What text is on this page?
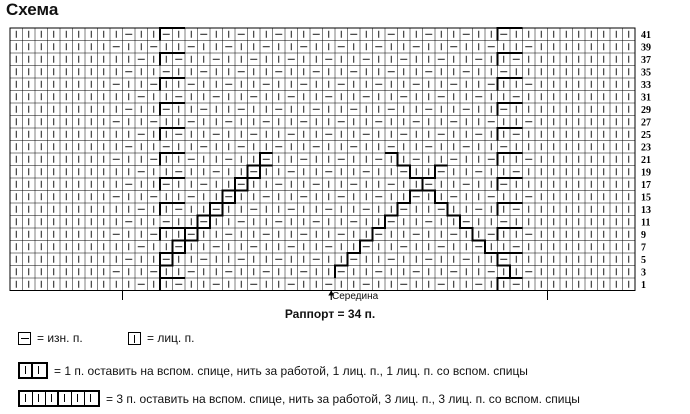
Схема
41
39
37
35
33
31
29
27
25
23
21
19
17
15
13
11
9
7
5
3
1
Середина
Раппорт = 34 п.
= изн. п.	= лиц. п.
= 1 п. оставить на вспом. спице, нить за работой, 1 лиц. п., 1 лиц. п. со вспом. спицы
= 3 п. оставить на вспом. спице, нить за работой, 3 лиц. п., 3 лиц. п. со вспом. спицы
